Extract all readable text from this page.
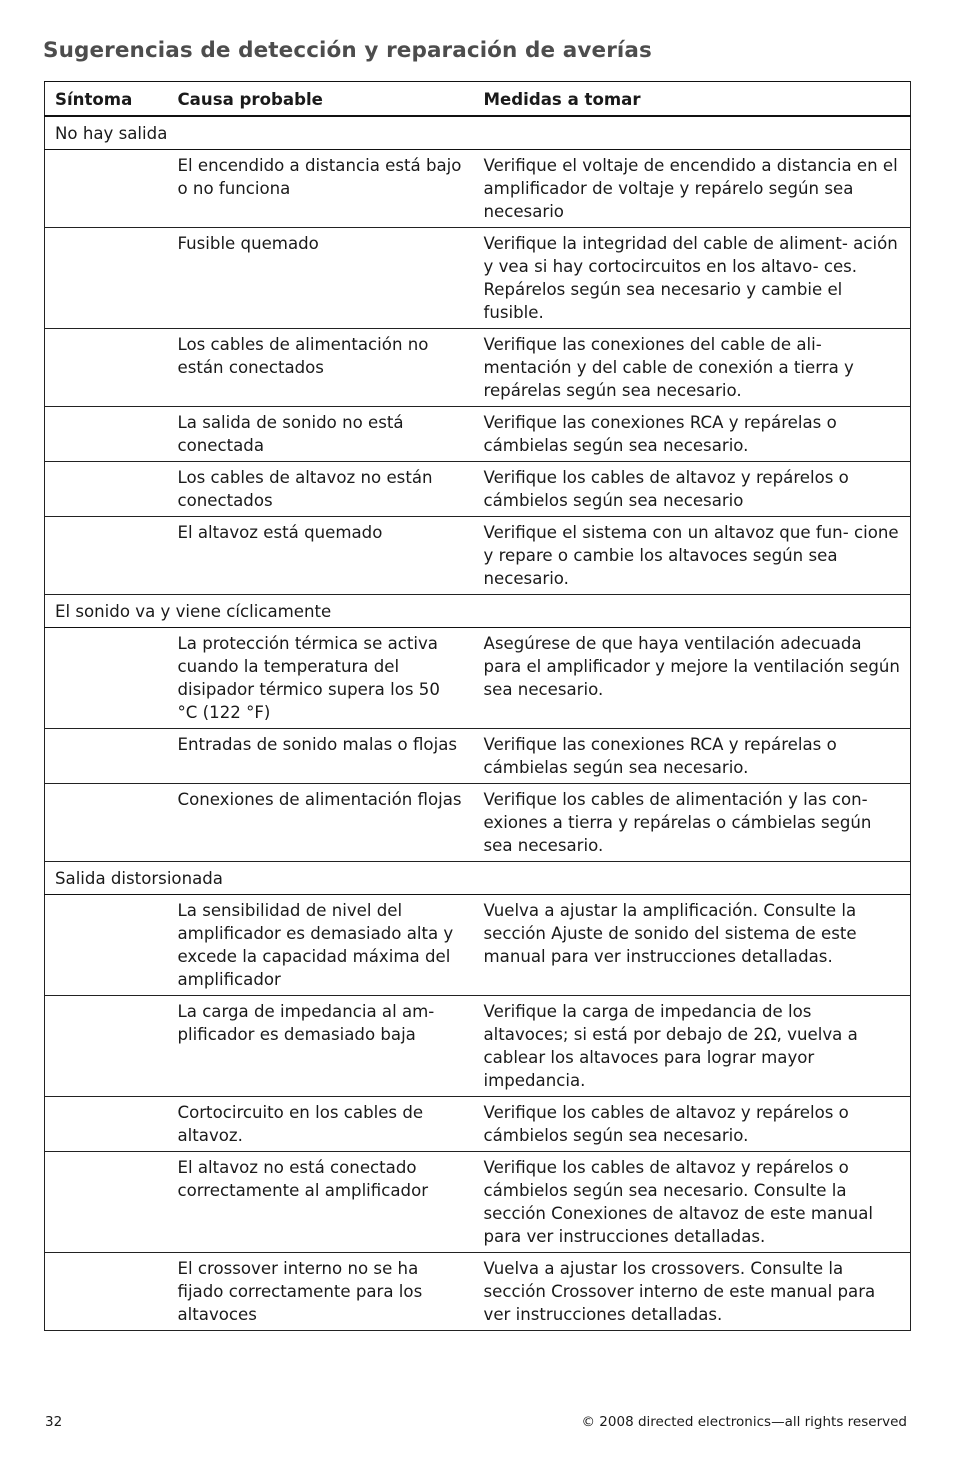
Sugerencias de detección y reparación de averías
Síntoma	Causa probable	Medidas a tomar
No hay salida		
	El encendido a distancia está bajo o no funciona	Verifique el voltaje de encendido a distancia en el amplificador de voltaje y repárelo según sea necesario
	Fusible quemado	Verifique la integridad del cable de aliment- ación y vea si hay cortocircuitos en los altavo- ces. Repárelos según sea necesario y cambie el fusible.
	Los cables de alimentación no están conectados	Verifique las conexiones del cable de ali- mentación y del cable de conexión a tierra y repárelas según sea necesario.
	La salida de sonido no está conectada	Verifique las conexiones RCA y repárelas o cámbielas según sea necesario.
	Los cables de altavoz no están conectados	Verifique los cables de altavoz y repárelos o cámbielos según sea necesario
	El altavoz está quemado	Verifique el sistema con un altavoz que fun- cione y repare o cambie los altavoces según sea necesario.
El sonido va y viene cíclicamente		
	La protección térmica se activa cuando la temperatura del disipador térmico supera los 50 °C (122 °F)	Asegúrese de que haya ventilación adecuada para el amplificador y mejore la ventilación según sea necesario.
	Entradas de sonido malas o flojas	Verifique las conexiones RCA y repárelas o cámbielas según sea necesario.
	Conexiones de alimentación flojas	Verifique los cables de alimentación y las con- exiones a tierra y repárelas o cámbielas según sea necesario.
Salida distorsionada		
	La sensibilidad de nivel del amplificador es demasiado alta y excede la capacidad máxima del amplificador	Vuelva a ajustar la amplificación. Consulte la sección Ajuste de sonido del sistema de este manual para ver instrucciones detalladas.
	La carga de impedancia al am- plificador es demasiado baja	Verifique la carga de impedancia de los altavoces; si está por debajo de 2Ω, vuelva a cablear los altavoces para lograr mayor impedancia.
	Cortocircuito en los cables de altavoz.	Verifique los cables de altavoz y repárelos o cámbielos según sea necesario.
	El altavoz no está conectado correctamente al amplificador	Verifique los cables de altavoz y repárelos o cámbielos según sea necesario. Consulte la sección Conexiones de altavoz de este manual para ver instrucciones detalladas.
	El crossover interno no se ha fijado correctamente para los altavoces	Vuelva a ajustar los crossovers. Consulte la sección Crossover interno de este manual para ver instrucciones detalladas.
32	© 2008 directed electronics—all rights reserved
